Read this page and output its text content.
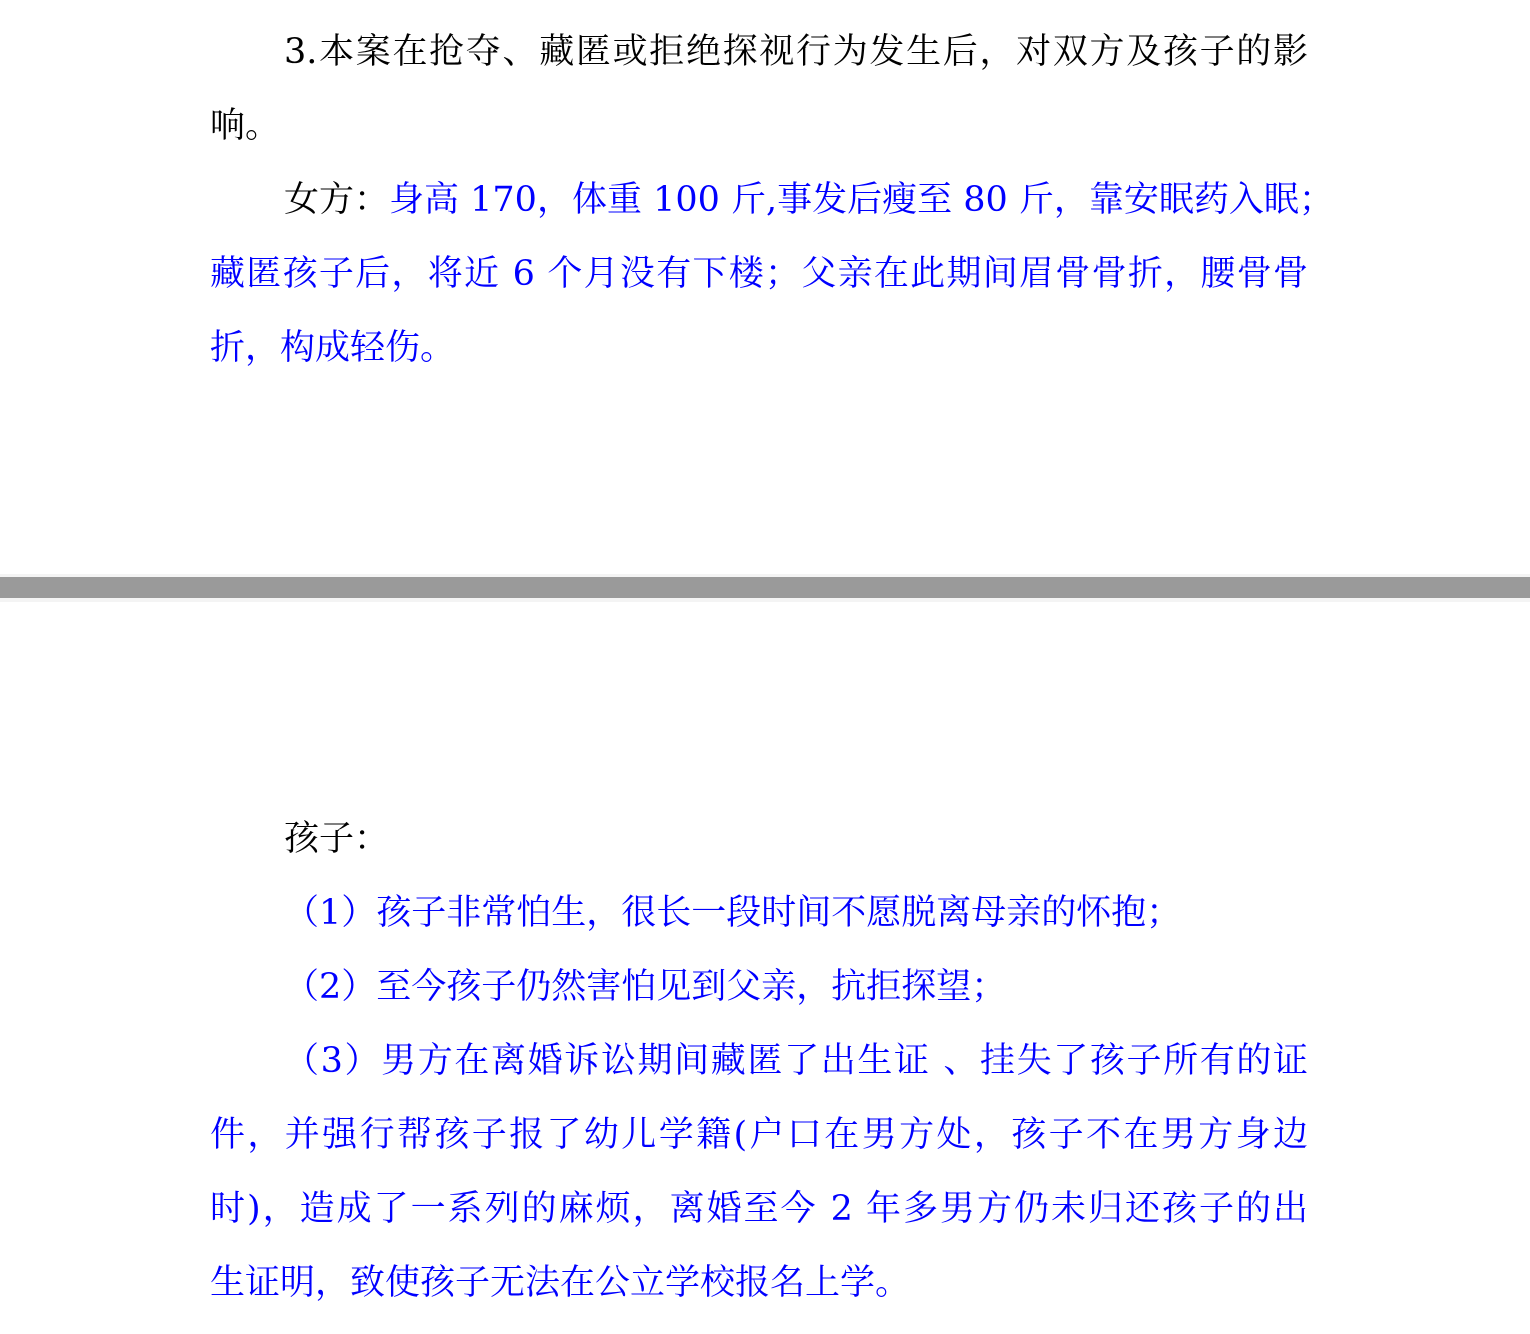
3.本案在抢夺、藏匿或拒绝探视行为发生后，对双方及孩子的影
响。
女方：身高 170，体重 100 斤,事发后瘦至 80 斤，靠安眠药入眠；
藏匿孩子后，将近 6 个月没有下楼；父亲在此期间眉骨骨折，腰骨骨
折，构成轻伤。
孩子：
（1）孩子非常怕生，很长一段时间不愿脱离母亲的怀抱；
（2）至今孩子仍然害怕见到父亲，抗拒探望；
（3）男方在离婚诉讼期间藏匿了出生证 、挂失了孩子所有的证
件，并强行帮孩子报了幼儿学籍(户口在男方处，孩子不在男方身边
时)，造成了一系列的麻烦，离婚至今 2 年多男方仍未归还孩子的出
生证明，致使孩子无法在公立学校报名上学。
